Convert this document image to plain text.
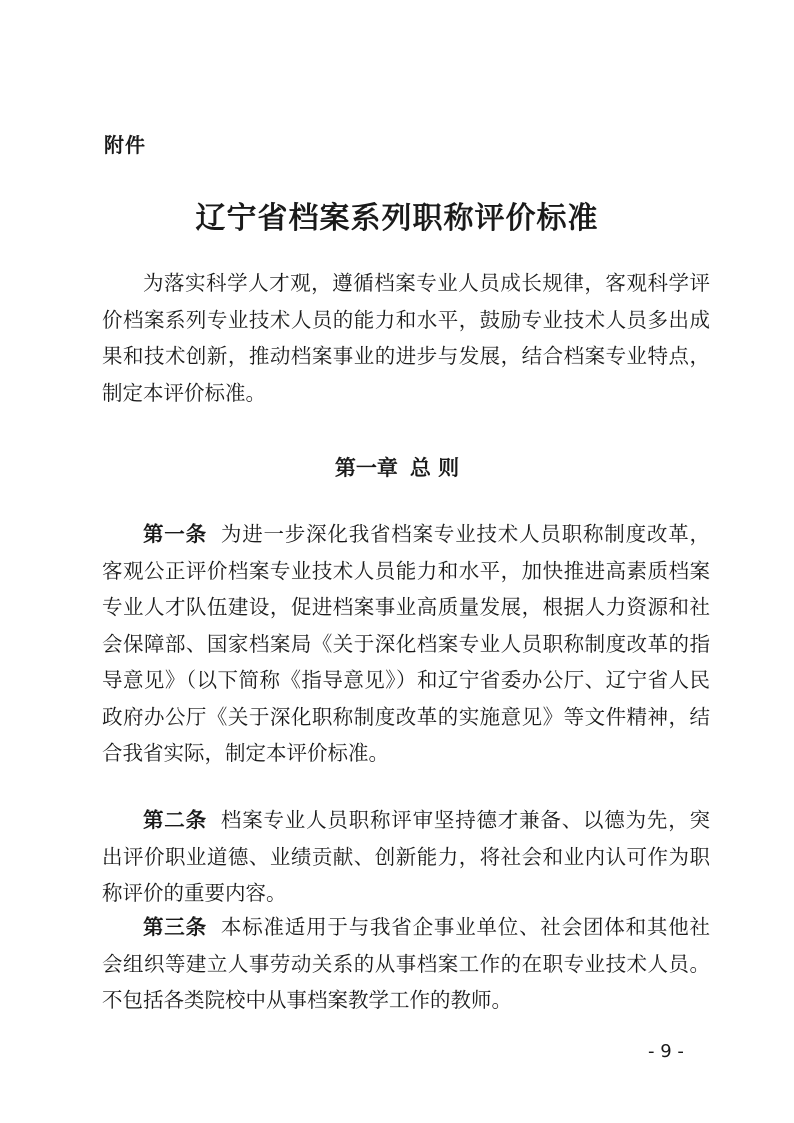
附件
辽宁省档案系列职称评价标准

为落实科学人才观，遵循档案专业人员成长规律，客观科学评价档案系列专业技术人员的能力和水平，鼓励专业技术人员多出成果和技术创新，推动档案事业的进步与发展，结合档案专业特点，制定本评价标准。

第一章 总 则

第一条 为进一步深化我省档案专业技术人员职称制度改革，客观公正评价档案专业技术人员能力和水平，加快推进高素质档案专业人才队伍建设，促进档案事业高质量发展，根据人力资源和社会保障部、国家档案局《关于深化档案专业人员职称制度改革的指导意见》（以下简称《指导意见》）和辽宁省委办公厅、辽宁省人民政府办公厅《关于深化职称制度改革的实施意见》等文件精神，结合我省实际，制定本评价标准。

第二条 档案专业人员职称评审坚持德才兼备、以德为先，突出评价职业道德、业绩贡献、创新能力，将社会和业内认可作为职称评价的重要内容。

第三条 本标准适用于与我省企事业单位、社会团体和其他社会组织等建立人事劳动关系的从事档案工作的在职专业技术人员。不包括各类院校中从事档案教学工作的教师。

- 9 -
